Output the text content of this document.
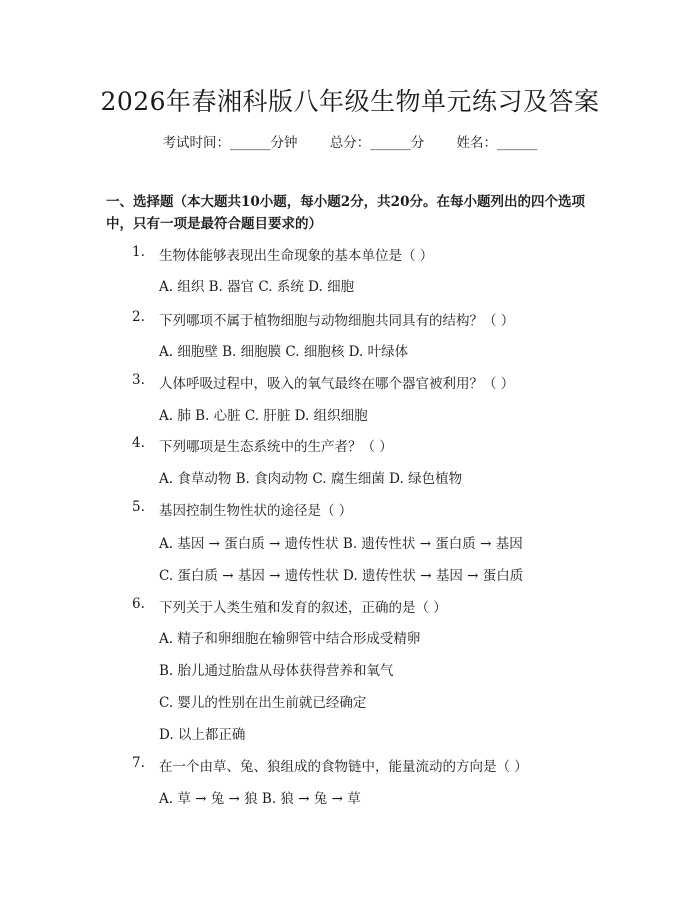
2026年春湘科版八年级生物单元练习及答案
考试时间：______分钟 总分：______分 姓名：______
一、选择题（本大题共10小题，每小题2分，共20分。在每小题列出的四个选项中，只有一项是最符合题目要求的）
1. 生物体能够表现出生命现象的基本单位是（ ）
A. 组织 B. 器官 C. 系统 D. 细胞
2. 下列哪项不属于植物细胞与动物细胞共同具有的结构？（ ）
A. 细胞壁 B. 细胞膜 C. 细胞核 D. 叶绿体
3. 人体呼吸过程中，吸入的氧气最终在哪个器官被利用？（ ）
A. 肺 B. 心脏 C. 肝脏 D. 组织细胞
4. 下列哪项是生态系统中的生产者？（ ）
A. 食草动物 B. 食肉动物 C. 腐生细菌 D. 绿色植物
5. 基因控制生物性状的途径是（ ）
A. 基因 → 蛋白质 → 遗传性状 B. 遗传性状 → 蛋白质 → 基因
C. 蛋白质 → 基因 → 遗传性状 D. 遗传性状 → 基因 → 蛋白质
6. 下列关于人类生殖和发育的叙述，正确的是（ ）
A. 精子和卵细胞在输卵管中结合形成受精卵
B. 胎儿通过胎盘从母体获得营养和氧气
C. 婴儿的性别在出生前就已经确定
D. 以上都正确
7. 在一个由草、兔、狼组成的食物链中，能量流动的方向是（ ）
A. 草 → 兔 → 狼 B. 狼 → 兔 → 草
